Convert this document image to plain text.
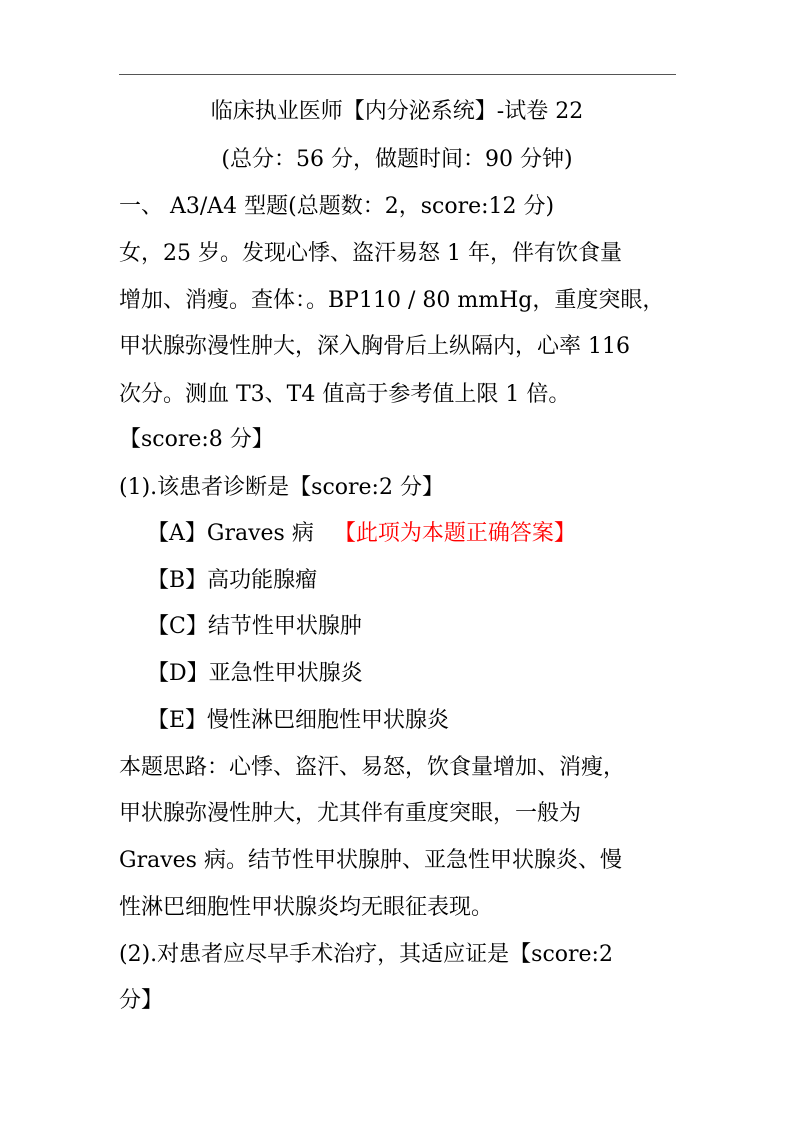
临床执业医师【内分泌系统】-试卷 22
(总分：56 分，做题时间：90 分钟)
一、 A3/A4 型题(总题数：2，score:12 分)
女，25 岁。发现心悸、盗汗易怒 1 年，伴有饮食量
增加、消瘦。查体：。BP110 / 80 mmHg，重度突眼，
甲状腺弥漫性肿大，深入胸骨后上纵隔内，心率 116
次分。测血 T3、T4 值高于参考值上限 1 倍。
【score:8 分】
(1).该患者诊断是【score:2 分】
【A】Graves 病 【此项为本题正确答案】
【B】高功能腺瘤
【C】结节性甲状腺肿
【D】亚急性甲状腺炎
【E】慢性淋巴细胞性甲状腺炎
本题思路：心悸、盗汗、易怒，饮食量增加、消瘦，
甲状腺弥漫性肿大，尤其伴有重度突眼，一般为
Graves 病。结节性甲状腺肿、亚急性甲状腺炎、慢
性淋巴细胞性甲状腺炎均无眼征表现。
(2).对患者应尽早手术治疗，其适应证是【score:2
分】
